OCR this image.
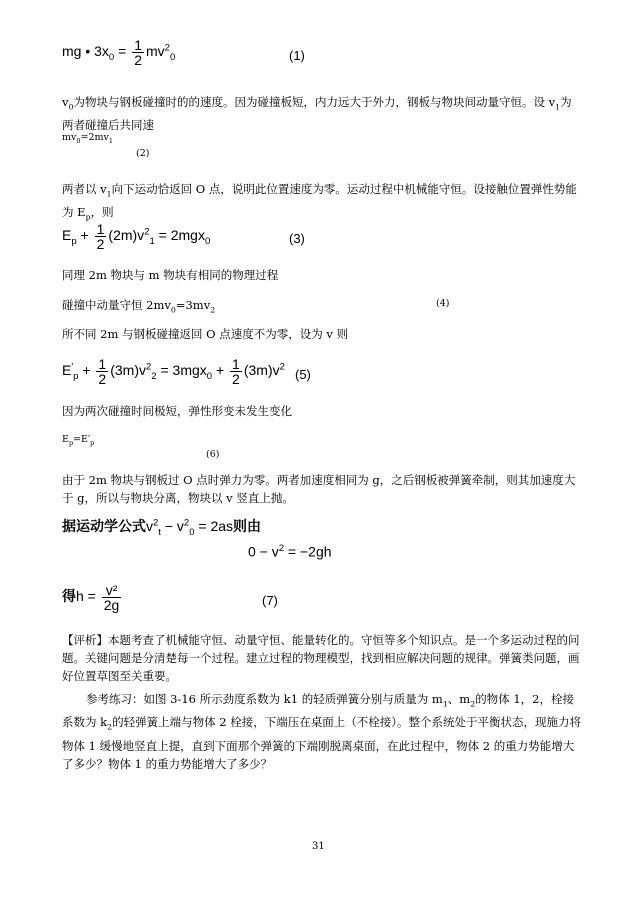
mg • $3x_0 = \frac{1}{2} mv^2_0$	(1)
$v_0$为物块与钢板碰撞时的的速度。因为碰撞板短，内力远大于外力，钢板与物块间动量守恒。设 $v_1$为两者碰撞后共同速
$mv_0=2mv_1$
(2)
两者以 $v_1$向下运动恰返回 O 点，说明此位置速度为零。运动过程中机械能守恒。设接触位置弹性势能为 $E_p$，则
$E_p + \frac{1}{2} (2m)v^2_1 = 2mgx_0$	(3)
同理 2m 物块与 m 物块有相同的物理过程
碰撞中动量守恒 $2mv_0=3mv_2$
(4)
所不同 2m 与钢板碰撞返回 O 点速度不为零，设为 v 则
$E'_p + \frac{1}{2} (3m)v^2_2 = 3mgx_0 + \frac{1}{2} (3m)v^2$ (5)
因为两次碰撞时间极短，弹性形变未发生变化
$E_p=E'_p$
(6)
由于 2m 物块与钢板过 O 点时弹力为零。两者加速度相同为 g，之后钢板被弹簧牵制，则其加速度大于 g，所以与物块分离，物块以 v 竖直上抛。
据运动学公式$v^2_t - v^2_0 = 2as$则由
$0 - v^2 = -2gh$
得$h = \frac{\text{v²}}{2g}$	(7)
【评析】本题考查了机械能守恒、动量守恒、能量转化的。守恒等多个知识点。是一个多运动过程的问题。关键问题是分清楚每一个过程。建立过程的物理模型，找到相应解决问题的规律。弹簧类问题，画好位置草图至关重要。
参考练习：如图 3-16 所示劲度系数为 k1 的轻质弹簧分别与质量为 $m_1$、$m_2$的物体 1，2，栓接系数为 $k_2$的轻弹簧上端与物体 2 栓接，下端压在桌面上（不栓接）。整个系统处于平衡状态，现施力将物体 1 缓慢地竖直上提，直到下面那个弹簧的下端刚脱离桌面，在此过程中，物体 2 的重力势能增大了多少？物体 1 的重力势能增大了多少？
31
